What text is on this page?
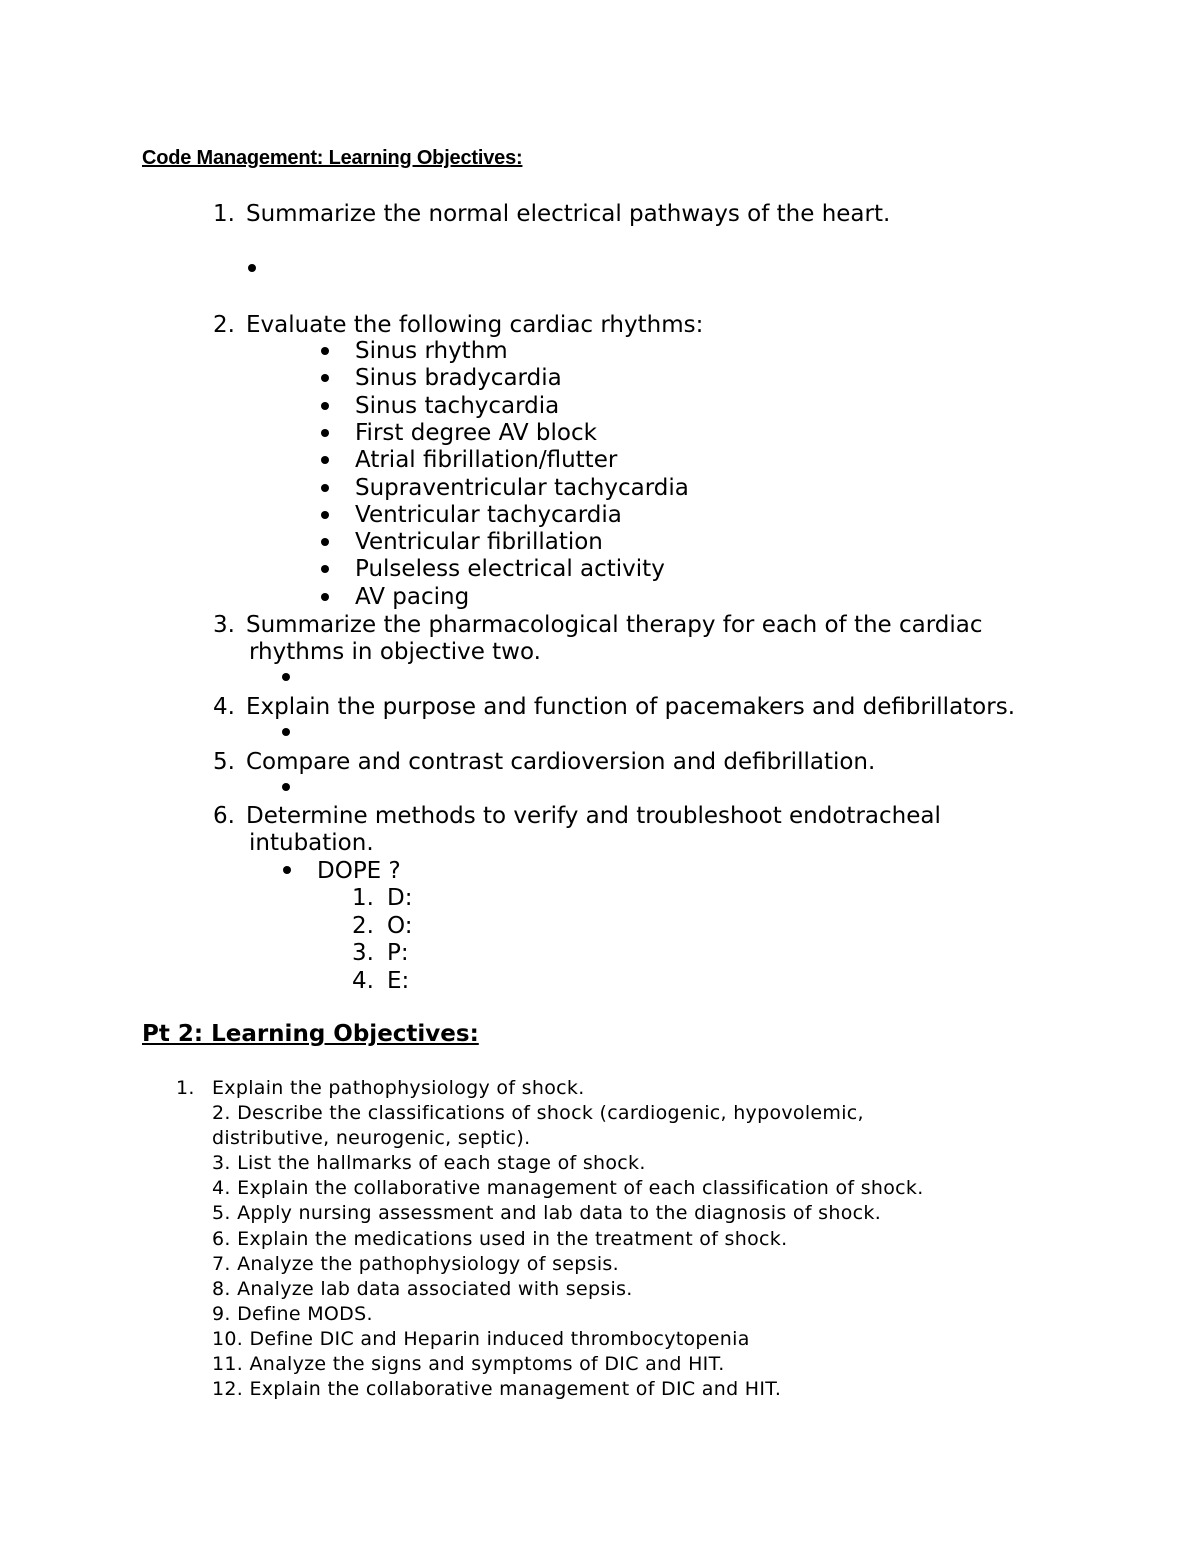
Code Management: Learning Objectives:
1. Summarize the normal electrical pathways of the heart.
2. Evaluate the following cardiac rhythms:
Sinus rhythm
Sinus bradycardia
Sinus tachycardia
First degree AV block
Atrial fibrillation/flutter
Supraventricular tachycardia
Ventricular tachycardia
Ventricular fibrillation
Pulseless electrical activity
AV pacing
3. Summarize the pharmacological therapy for each of the cardiac
rhythms in objective two.
4. Explain the purpose and function of pacemakers and defibrillators.
5. Compare and contrast cardioversion and defibrillation.
6. Determine methods to verify and troubleshoot endotracheal
intubation.
DOPE ?
1. D:
2. O:
3. P:
4. E:
Pt 2: Learning Objectives:
1. Explain the pathophysiology of shock.
2. Describe the classifications of shock (cardiogenic, hypovolemic,
distributive, neurogenic, septic).
3. List the hallmarks of each stage of shock.
4. Explain the collaborative management of each classification of shock.
5. Apply nursing assessment and lab data to the diagnosis of shock.
6. Explain the medications used in the treatment of shock.
7. Analyze the pathophysiology of sepsis.
8. Analyze lab data associated with sepsis.
9. Define MODS.
10. Define DIC and Heparin induced thrombocytopenia
11. Analyze the signs and symptoms of DIC and HIT.
12. Explain the collaborative management of DIC and HIT.
